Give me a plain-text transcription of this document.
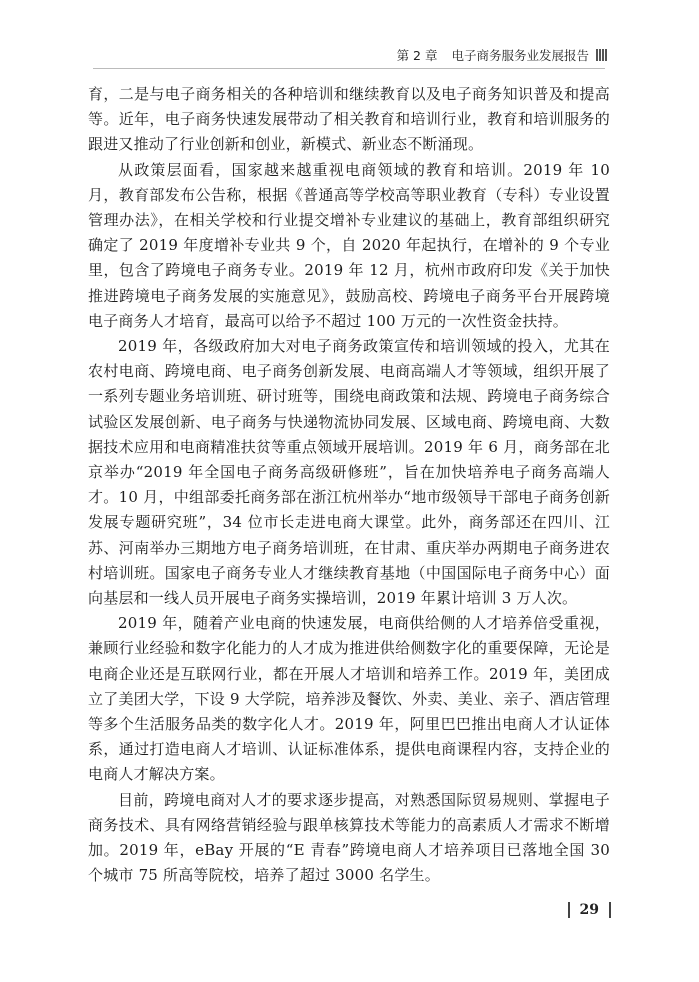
第 2 章 电子商务服务业发展报告

育，二是与电子商务相关的各种培训和继续教育以及电子商务知识普及和提高等。近年，电子商务快速发展带动了相关教育和培训行业，教育和培训服务的跟进又推动了行业创新和创业，新模式、新业态不断涌现。

从政策层面看，国家越来越重视电商领域的教育和培训。2019 年 10 月，教育部发布公告称，根据《普通高等学校高等职业教育（专科）专业设置管理办法》，在相关学校和行业提交增补专业建议的基础上，教育部组织研究确定了 2019 年度增补专业共 9 个，自 2020 年起执行，在增补的 9 个专业里，包含了跨境电子商务专业。2019 年 12 月，杭州市政府印发《关于加快推进跨境电子商务发展的实施意见》，鼓励高校、跨境电子商务平台开展跨境电子商务人才培育，最高可以给予不超过 100 万元的一次性资金扶持。

2019 年，各级政府加大对电子商务政策宣传和培训领域的投入，尤其在农村电商、跨境电商、电子商务创新发展、电商高端人才等领域，组织开展了一系列专题业务培训班、研讨班等，围绕电商政策和法规、跨境电子商务综合试验区发展创新、电子商务与快递物流协同发展、区域电商、跨境电商、大数据技术应用和电商精准扶贫等重点领域开展培训。2019 年 6 月，商务部在北京举办“2019 年全国电子商务高级研修班”，旨在加快培养电子商务高端人才。10 月，中组部委托商务部在浙江杭州举办“地市级领导干部电子商务创新发展专题研究班”，34 位市长走进电商大课堂。此外，商务部还在四川、江苏、河南举办三期地方电子商务培训班，在甘肃、重庆举办两期电子商务进农村培训班。国家电子商务专业人才继续教育基地（中国国际电子商务中心）面向基层和一线人员开展电子商务实操培训，2019 年累计培训 3 万人次。

2019 年，随着产业电商的快速发展，电商供给侧的人才培养倍受重视，兼顾行业经验和数字化能力的人才成为推进供给侧数字化的重要保障，无论是电商企业还是互联网行业，都在开展人才培训和培养工作。2019 年，美团成立了美团大学，下设 9 大学院，培养涉及餐饮、外卖、美业、亲子、酒店管理等多个生活服务品类的数字化人才。2019 年，阿里巴巴推出电商人才认证体系，通过打造电商人才培训、认证标准体系，提供电商课程内容，支持企业的电商人才解决方案。

目前，跨境电商对人才的要求逐步提高，对熟悉国际贸易规则、掌握电子商务技术、具有网络营销经验与跟单核算技术等能力的高素质人才需求不断增加。2019 年，eBay 开展的“E 青春”跨境电商人才培养项目已落地全国 30 个城市 75 所高等院校，培养了超过 3000 名学生。

29
